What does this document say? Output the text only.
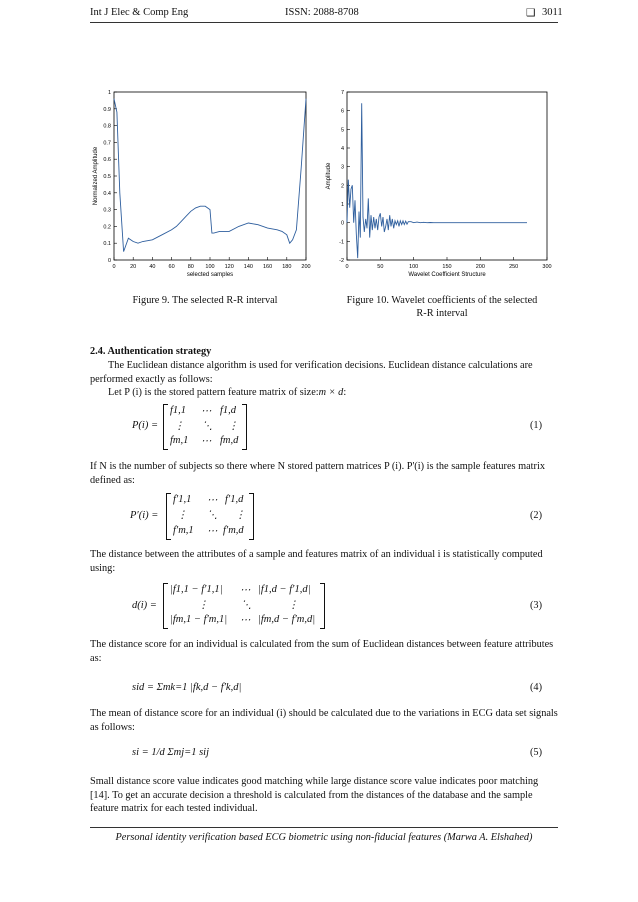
Int J Elec & Comp Eng	ISSN: 2088-8708	❑ 3011
0
0.1
0.2
0.3
0.4
0.5
0.6
0.7
0.8
0.9
1
0	20 40 60 80 100 120 140 160 180 200
selected samples
Normalized Amplitude
Figure 9. The selected R-R interval
-2
-1
0
1
2
3
4
5
6
7
0	50	100	150	200	250	300
Wavelet Coefficient Structure
Amplitude
Figure 10. Wavelet coefficients of the selected
R-R interval
2.4. Authentication strategy
The Euclidean distance algorithm is used for verification decisions. Euclidean distance calculations are performed exactly as follows:
Let P (i) is the stored pattern feature matrix of size:m × d:
P(i) =
f1,1 ⋯ f1,d
⋮ ⋱ ⋮
fm,1 ⋯ fm,d
(1)
If N is the number of subjects so there where N stored pattern matrices P (i). P'(i) is the sample features matrix defined as:
P′(i) =
f′1,1 ⋯ f′1,d
⋮ ⋱ ⋮
f′m,1 ⋯ f′m,d
(2)
The distance between the attributes of a sample and features matrix of an individual i is statistically computed using:
d(i) =
|f1,1 − f′1,1| ⋯ |f1,d − f′1,d|
⋮	⋱	⋮
|fm,1 − f′m,1| ⋯ |fm,d − f′m,d|
(3)
The distance score for an individual is calculated from the sum of Euclidean distances between feature attributes as:
sid = Σmk=1 |fk,d − f′k,d|	(4)
The mean of distance score for an individual (i) should be calculated due to the variations in ECG data set signals as follows:
si = 1/d Σmj=1 sij	(5)
Small distance score value indicates good matching while large distance score value indicates poor matching [14]. To get an accurate decision a threshold is calculated from the distances of the database and the sample feature matrix for each tested individual.
Personal identity verification based ECG biometric using non-fiducial features (Marwa A. Elshahed)
